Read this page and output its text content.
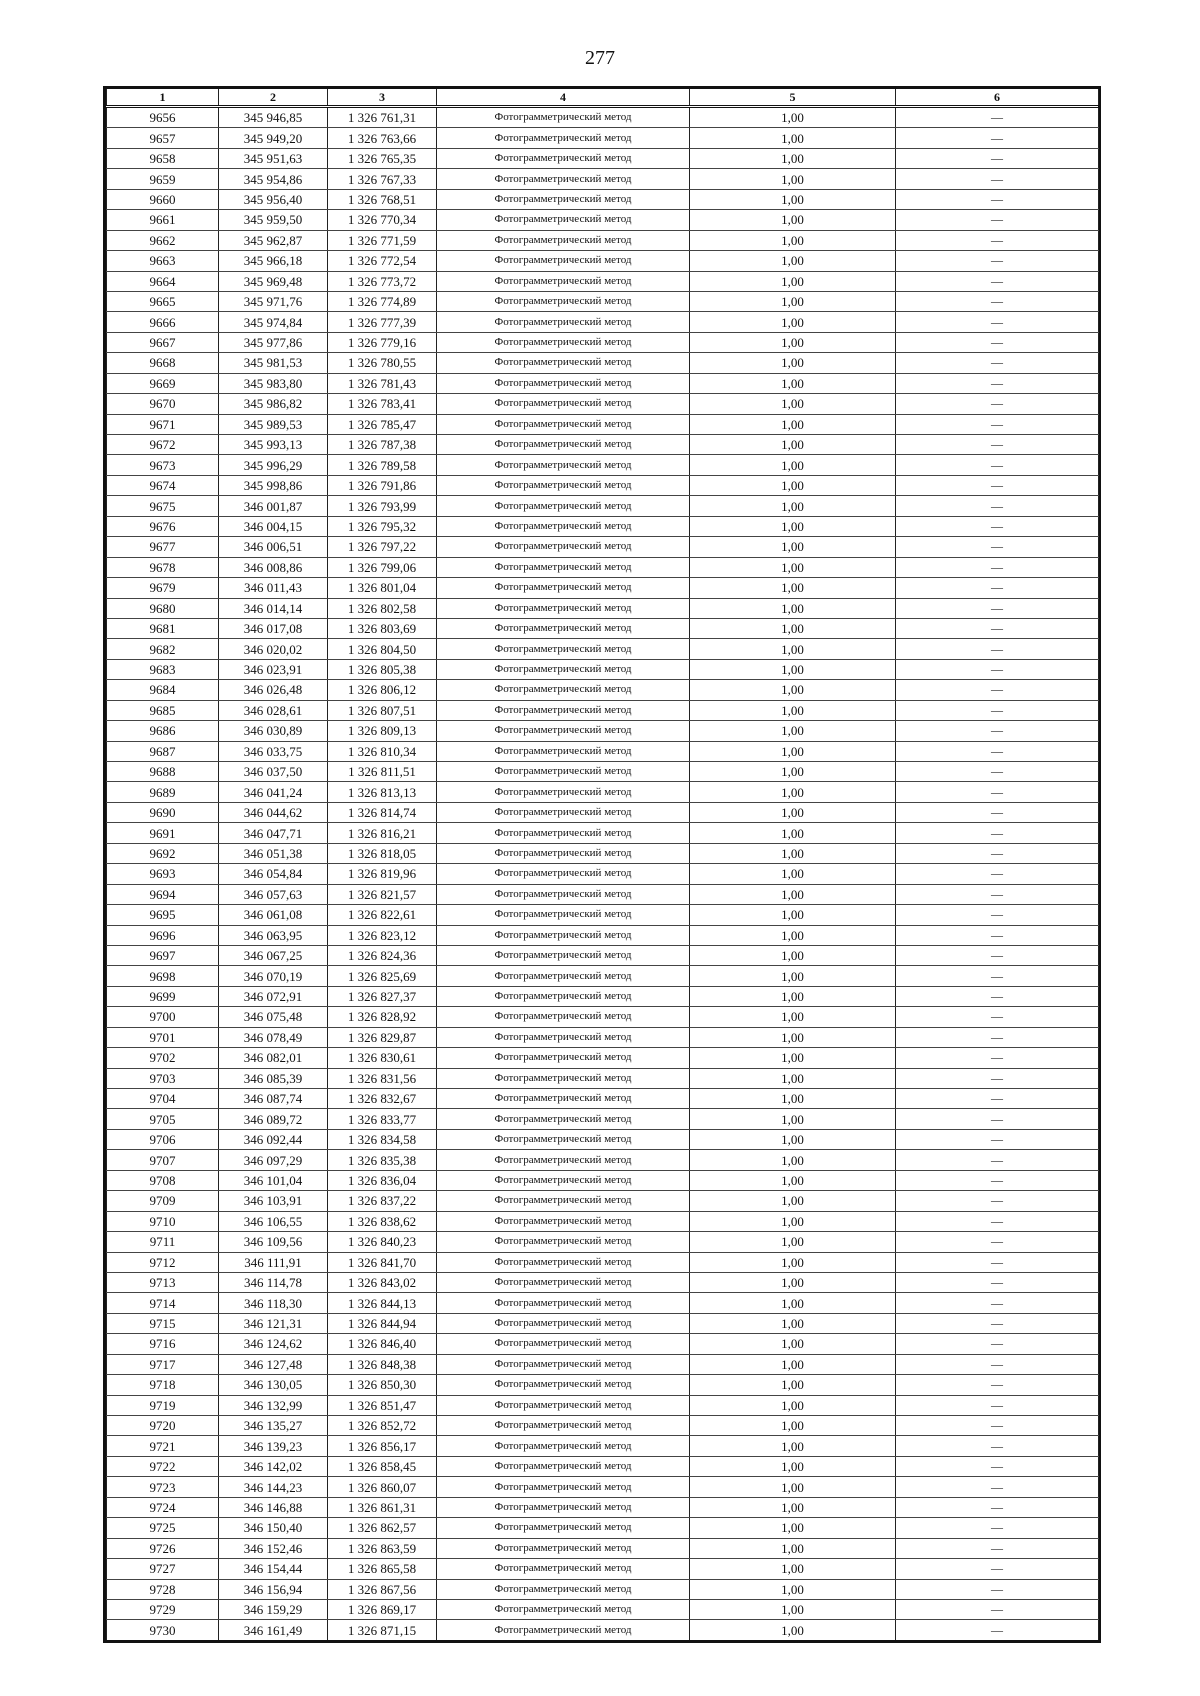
277
1	2	3	4	5	6
9656	345 946,85	1 326 761,31	Фотограмметрический метод	1,00	—
9657	345 949,20	1 326 763,66	Фотограмметрический метод	1,00	—
9658	345 951,63	1 326 765,35	Фотограмметрический метод	1,00	—
9659	345 954,86	1 326 767,33	Фотограмметрический метод	1,00	—
9660	345 956,40	1 326 768,51	Фотограмметрический метод	1,00	—
9661	345 959,50	1 326 770,34	Фотограмметрический метод	1,00	—
9662	345 962,87	1 326 771,59	Фотограмметрический метод	1,00	—
9663	345 966,18	1 326 772,54	Фотограмметрический метод	1,00	—
9664	345 969,48	1 326 773,72	Фотограмметрический метод	1,00	—
9665	345 971,76	1 326 774,89	Фотограмметрический метод	1,00	—
9666	345 974,84	1 326 777,39	Фотограмметрический метод	1,00	—
9667	345 977,86	1 326 779,16	Фотограмметрический метод	1,00	—
9668	345 981,53	1 326 780,55	Фотограмметрический метод	1,00	—
9669	345 983,80	1 326 781,43	Фотограмметрический метод	1,00	—
9670	345 986,82	1 326 783,41	Фотограмметрический метод	1,00	—
9671	345 989,53	1 326 785,47	Фотограмметрический метод	1,00	—
9672	345 993,13	1 326 787,38	Фотограмметрический метод	1,00	—
9673	345 996,29	1 326 789,58	Фотограмметрический метод	1,00	—
9674	345 998,86	1 326 791,86	Фотограмметрический метод	1,00	—
9675	346 001,87	1 326 793,99	Фотограмметрический метод	1,00	—
9676	346 004,15	1 326 795,32	Фотограмметрический метод	1,00	—
9677	346 006,51	1 326 797,22	Фотограмметрический метод	1,00	—
9678	346 008,86	1 326 799,06	Фотограмметрический метод	1,00	—
9679	346 011,43	1 326 801,04	Фотограмметрический метод	1,00	—
9680	346 014,14	1 326 802,58	Фотограмметрический метод	1,00	—
9681	346 017,08	1 326 803,69	Фотограмметрический метод	1,00	—
9682	346 020,02	1 326 804,50	Фотограмметрический метод	1,00	—
9683	346 023,91	1 326 805,38	Фотограмметрический метод	1,00	—
9684	346 026,48	1 326 806,12	Фотограмметрический метод	1,00	—
9685	346 028,61	1 326 807,51	Фотограмметрический метод	1,00	—
9686	346 030,89	1 326 809,13	Фотограмметрический метод	1,00	—
9687	346 033,75	1 326 810,34	Фотограмметрический метод	1,00	—
9688	346 037,50	1 326 811,51	Фотограмметрический метод	1,00	—
9689	346 041,24	1 326 813,13	Фотограмметрический метод	1,00	—
9690	346 044,62	1 326 814,74	Фотограмметрический метод	1,00	—
9691	346 047,71	1 326 816,21	Фотограмметрический метод	1,00	—
9692	346 051,38	1 326 818,05	Фотограмметрический метод	1,00	—
9693	346 054,84	1 326 819,96	Фотограмметрический метод	1,00	—
9694	346 057,63	1 326 821,57	Фотограмметрический метод	1,00	—
9695	346 061,08	1 326 822,61	Фотограмметрический метод	1,00	—
9696	346 063,95	1 326 823,12	Фотограмметрический метод	1,00	—
9697	346 067,25	1 326 824,36	Фотограмметрический метод	1,00	—
9698	346 070,19	1 326 825,69	Фотограмметрический метод	1,00	—
9699	346 072,91	1 326 827,37	Фотограмметрический метод	1,00	—
9700	346 075,48	1 326 828,92	Фотограмметрический метод	1,00	—
9701	346 078,49	1 326 829,87	Фотограмметрический метод	1,00	—
9702	346 082,01	1 326 830,61	Фотограмметрический метод	1,00	—
9703	346 085,39	1 326 831,56	Фотограмметрический метод	1,00	—
9704	346 087,74	1 326 832,67	Фотограмметрический метод	1,00	—
9705	346 089,72	1 326 833,77	Фотограмметрический метод	1,00	—
9706	346 092,44	1 326 834,58	Фотограмметрический метод	1,00	—
9707	346 097,29	1 326 835,38	Фотограмметрический метод	1,00	—
9708	346 101,04	1 326 836,04	Фотограмметрический метод	1,00	—
9709	346 103,91	1 326 837,22	Фотограмметрический метод	1,00	—
9710	346 106,55	1 326 838,62	Фотограмметрический метод	1,00	—
9711	346 109,56	1 326 840,23	Фотограмметрический метод	1,00	—
9712	346 111,91	1 326 841,70	Фотограмметрический метод	1,00	—
9713	346 114,78	1 326 843,02	Фотограмметрический метод	1,00	—
9714	346 118,30	1 326 844,13	Фотограмметрический метод	1,00	—
9715	346 121,31	1 326 844,94	Фотограмметрический метод	1,00	—
9716	346 124,62	1 326 846,40	Фотограмметрический метод	1,00	—
9717	346 127,48	1 326 848,38	Фотограмметрический метод	1,00	—
9718	346 130,05	1 326 850,30	Фотограмметрический метод	1,00	—
9719	346 132,99	1 326 851,47	Фотограмметрический метод	1,00	—
9720	346 135,27	1 326 852,72	Фотограмметрический метод	1,00	—
9721	346 139,23	1 326 856,17	Фотограмметрический метод	1,00	—
9722	346 142,02	1 326 858,45	Фотограмметрический метод	1,00	—
9723	346 144,23	1 326 860,07	Фотограмметрический метод	1,00	—
9724	346 146,88	1 326 861,31	Фотограмметрический метод	1,00	—
9725	346 150,40	1 326 862,57	Фотограмметрический метод	1,00	—
9726	346 152,46	1 326 863,59	Фотограмметрический метод	1,00	—
9727	346 154,44	1 326 865,58	Фотограмметрический метод	1,00	—
9728	346 156,94	1 326 867,56	Фотограмметрический метод	1,00	—
9729	346 159,29	1 326 869,17	Фотограмметрический метод	1,00	—
9730	346 161,49	1 326 871,15	Фотограмметрический метод	1,00	—
